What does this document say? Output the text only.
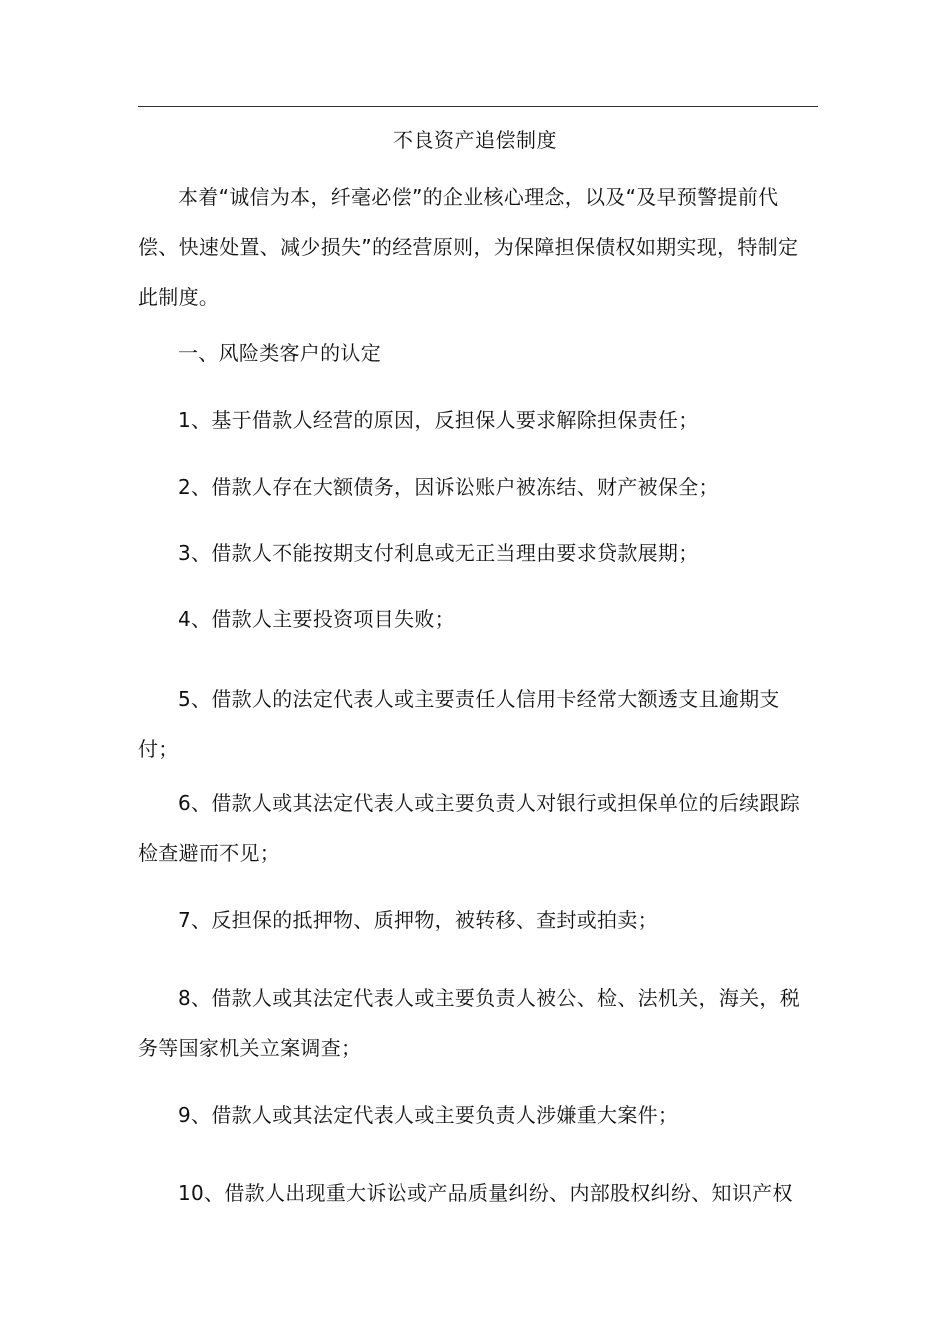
不良资产追偿制度

本着“诚信为本，纤毫必偿”的企业核心理念，以及“及早预警提前代偿、快速处置、减少损失”的经营原则，为保障担保债权如期实现，特制定此制度。

一、风险类客户的认定

1、基于借款人经营的原因，反担保人要求解除担保责任；

2、借款人存在大额债务，因诉讼账户被冻结、财产被保全；

3、借款人不能按期支付利息或无正当理由要求贷款展期；

4、借款人主要投资项目失败；

5、借款人的法定代表人或主要责任人信用卡经常大额透支且逾期支付；

6、借款人或其法定代表人或主要负责人对银行或担保单位的后续跟踪检查避而不见；

7、反担保的抵押物、质押物，被转移、查封或拍卖；

8、借款人或其法定代表人或主要负责人被公、检、法机关，海关，税务等国家机关立案调查；

9、借款人或其法定代表人或主要负责人涉嫌重大案件；

10、借款人出现重大诉讼或产品质量纠纷、内部股权纠纷、知识产权
